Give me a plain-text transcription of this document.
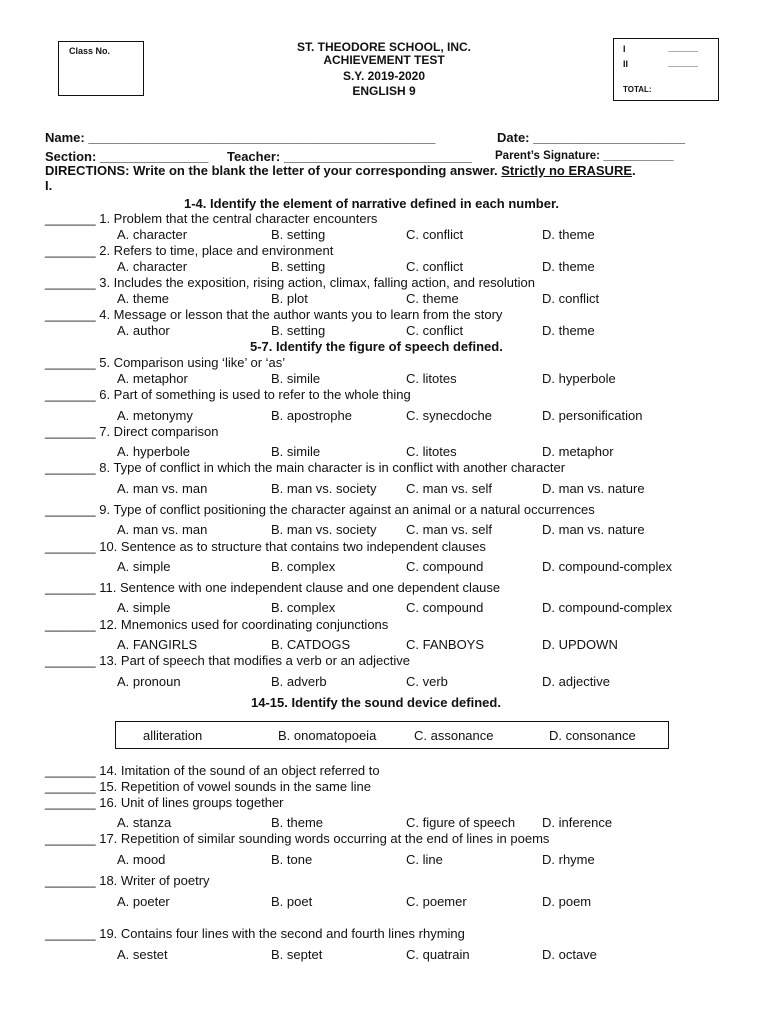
Class No.	ST. THEODORE SCHOOL, INC.
ACHIEVEMENT TEST
S.Y. 2019-2020
ENGLISH 9
I	______
II	______
TOTAL:
Name: ________________________________________________	Date: _____________________
Section: _______________ Teacher: __________________________ Parent’s Signature: ___________
DIRECTIONS: Write on the blank the letter of your corresponding answer. Strictly no ERASURE.
I.
1-4. Identify the element of narrative defined in each number.
5-7. Identify the figure of speech defined.
14-15. Identify the sound device defined.
alliteration	B. onomatopoeia	C. assonance	D. consonance
_______ 1. Problem that the central character encounters
A. character	B. setting	C. conflict	D. theme
_______ 2. Refers to time, place and environment
A. character	B. setting	C. conflict	D. theme
_______ 3. Includes the exposition, rising action, climax, falling action, and resolution
A. theme	B. plot	C. theme	D. conflict
_______ 4. Message or lesson that the author wants you to learn from the story
A. author	B. setting	C. conflict	D. theme
_______ 5. Comparison using ‘like’ or ‘as’
A. metaphor	B. simile	C. litotes	D. hyperbole
_______ 6. Part of something is used to refer to the whole thing
A. metonymy	B. apostrophe	C. synecdoche	D. personification
_______ 7. Direct comparison
A. hyperbole	B. simile	C. litotes	D. metaphor
_______ 8. Type of conflict in which the main character is in conflict with another character
A. man vs. man	B. man vs. society C. man vs. self	D. man vs. nature
_______ 9. Type of conflict positioning the character against an animal or a natural occurrences
A. man vs. man	B. man vs. society C. man vs. self	D. man vs. nature
_______ 10. Sentence as to structure that contains two independent clauses
A. simple	B. complex	C. compound	D. compound-complex
_______ 11. Sentence with one independent clause and one dependent clause
A. simple	B. complex	C. compound	D. compound-complex
_______ 12. Mnemonics used for coordinating conjunctions
A. FANGIRLS	B. CATDOGS	C. FANBOYS	D. UPDOWN
_______ 13. Part of speech that modifies a verb or an adjective
A. pronoun	B. adverb	C. verb	D. adjective
_______ 14. Imitation of the sound of an object referred to
_______ 15. Repetition of vowel sounds in the same line
_______ 16. Unit of lines groups together
A. stanza	B. theme	C. figure of speech D. inference
_______ 17. Repetition of similar sounding words occurring at the end of lines in poems
A. mood	B. tone	C. line	D. rhyme
_______ 18. Writer of poetry
A. poeter	B. poet	C. poemer	D. poem
_______ 19. Contains four lines with the second and fourth lines rhyming
A. sestet	B. septet	C. quatrain	D. octave
